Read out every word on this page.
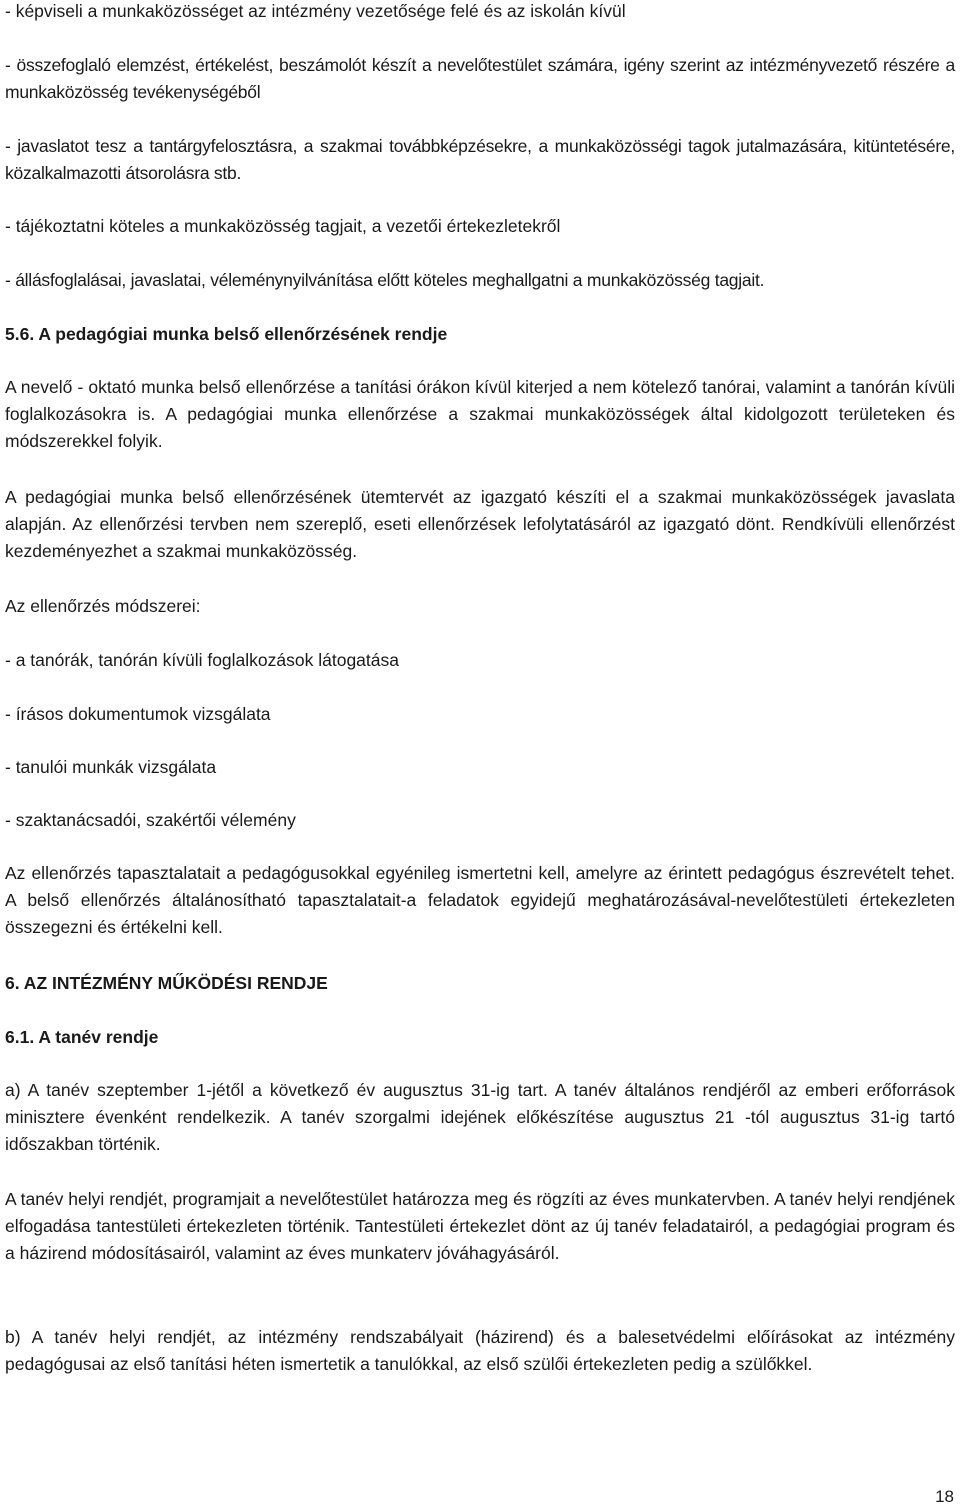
- képviseli a munkaközösséget az intézmény vezetősége felé és az iskolán kívül

- összefoglaló elemzést, értékelést, beszámolót készít a nevelőtestület számára, igény szerint az intézményvezető részére a munkaközösség tevékenységéből

- javaslatot tesz a tantárgyfelosztásra, a szakmai továbbképzésekre, a munkaközösségi tagok jutalmazására, kitüntetésére, közalkalmazotti átsorolásra stb.

- tájékoztatni köteles a munkaközösség tagjait, a vezetői értekezletekről

- állásfoglalásai, javaslatai, véleménynyilvánítása előtt köteles meghallgatni a munkaközösség tagjait.

5.6. A pedagógiai munka belső ellenőrzésének rendje

A nevelő - oktató munka belső ellenőrzése a tanítási órákon kívül kiterjed a nem kötelező tanórai, valamint a tanórán kívüli foglalkozásokra is. A pedagógiai munka ellenőrzése a szakmai munkaközösségek által kidolgozott területeken és módszerekkel folyik.

A pedagógiai munka belső ellenőrzésének ütemtervét az igazgató készíti el a szakmai munkaközösségek javaslata alapján. Az ellenőrzési tervben nem szereplő, eseti ellenőrzések lefolytatásáról az igazgató dönt. Rendkívüli ellenőrzést kezdeményezhet a szakmai munkaközösség.

Az ellenőrzés módszerei:

- a tanórák, tanórán kívüli foglalkozások látogatása

- írásos dokumentumok vizsgálata

- tanulói munkák vizsgálata

- szaktanácsadói, szakértői vélemény

Az ellenőrzés tapasztalatait a pedagógusokkal egyénileg ismertetni kell, amelyre az érintett pedagógus észrevételt tehet. A belső ellenőrzés általánosítható tapasztalatait-a feladatok egyidejű meghatározásával-nevelőtestületi értekezleten összegezni és értékelni kell.

6. AZ INTÉZMÉNY MŰKÖDÉSI RENDJE

6.1. A tanév rendje

a) A tanév szeptember 1-jétől a következő év augusztus 31-ig tart. A tanév általános rendjéről az emberi erőforrások minisztere évenként rendelkezik. A tanév szorgalmi idejének előkészítése augusztus 21 -tól augusztus 31-ig tartó időszakban történik.

A tanév helyi rendjét, programjait a nevelőtestület határozza meg és rögzíti az éves munkatervben. A tanév helyi rendjének elfogadása tantestületi értekezleten történik. Tantestületi értekezlet dönt az új tanév feladatairól, a pedagógiai program és a házirend módosításairól, valamint az éves munkaterv jóváhagyásáról.

b) A tanév helyi rendjét, az intézmény rendszabályait (házirend) és a balesetvédelmi előírásokat az intézmény pedagógusai az első tanítási héten ismertetik a tanulókkal, az első szülői értekezleten pedig a szülőkkel.

18
